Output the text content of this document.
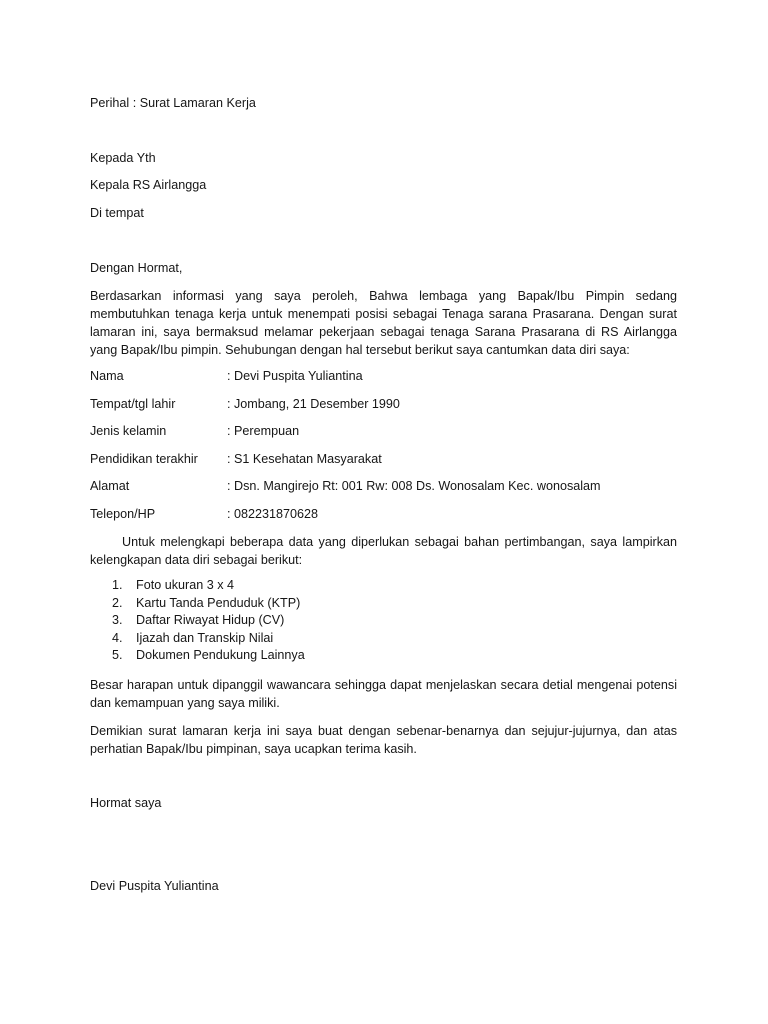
Perihal : Surat Lamaran Kerja
Kepada Yth
Kepala RS Airlangga
Di tempat
Dengan Hormat,
Berdasarkan informasi yang saya peroleh, Bahwa lembaga yang Bapak/Ibu Pimpin sedang membutuhkan tenaga kerja untuk menempati posisi sebagai Tenaga sarana Prasarana. Dengan surat lamaran ini, saya bermaksud melamar pekerjaan sebagai tenaga Sarana Prasarana di RS Airlangga yang Bapak/Ibu pimpin. Sehubungan dengan hal tersebut berikut saya cantumkan data diri saya:
Nama	: Devi Puspita Yuliantina
Tempat/tgl lahir	: Jombang, 21 Desember 1990
Jenis kelamin	: Perempuan
Pendidikan terakhir : S1 Kesehatan Masyarakat
Alamat	: Dsn. Mangirejo Rt: 001 Rw: 008 Ds. Wonosalam Kec. wonosalam
Telepon/HP	: 082231870628
Untuk melengkapi beberapa data yang diperlukan sebagai bahan pertimbangan, saya lampirkan kelengkapan data diri sebagai berikut:
1. Foto ukuran 3 x 4
2. Kartu Tanda Penduduk (KTP)
3. Daftar Riwayat Hidup (CV)
4. Ijazah dan Transkip Nilai
5. Dokumen Pendukung Lainnya
Besar harapan untuk dipanggil wawancara sehingga dapat menjelaskan secara detial mengenai potensi dan kemampuan yang saya miliki.
Demikian surat lamaran kerja ini saya buat dengan sebenar-benarnya dan sejujur-jujurnya, dan atas perhatian Bapak/Ibu pimpinan, saya ucapkan terima kasih.
Hormat saya
Devi Puspita Yuliantina
